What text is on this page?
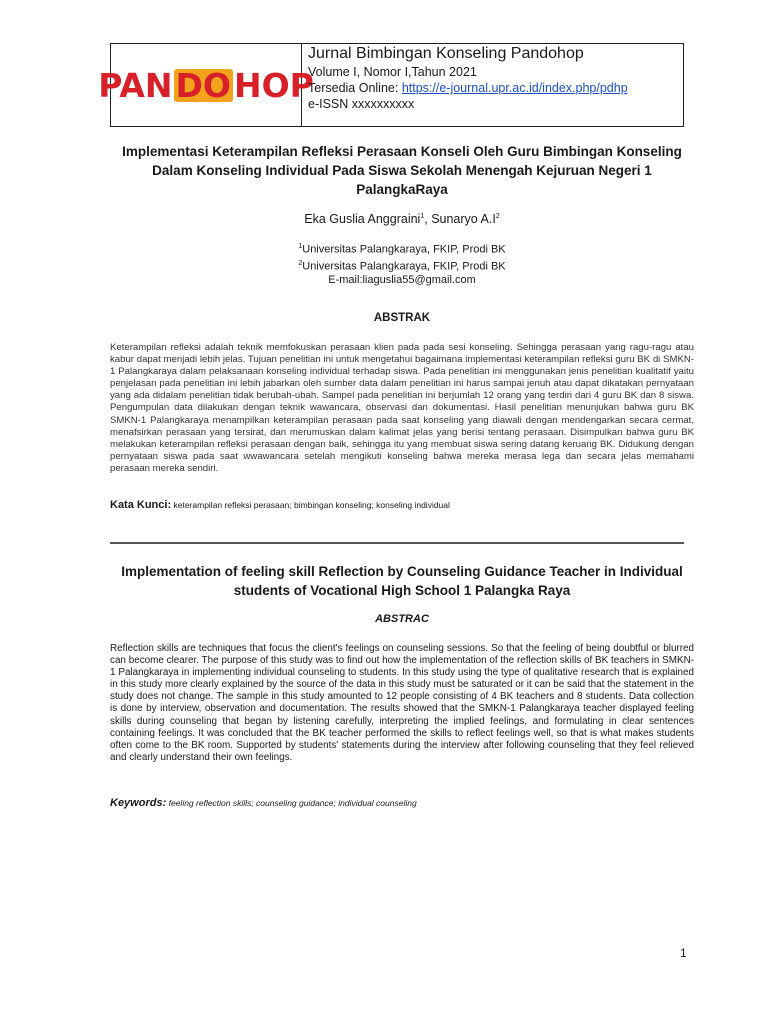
PAN DO HOP
Jurnal Bimbingan Konseling Pandohop
Volume I, Nomor I,Tahun 2021
Tersedia Online: https://e-journal.upr.ac.id/index.php/pdhp
e-ISSN xxxxxxxxxx
Implementasi Keterampilan Refleksi Perasaan Konseli Oleh Guru Bimbingan Konseling Dalam Konseling Individual Pada Siswa Sekolah Menengah Kejuruan Negeri 1 PalangkaRaya
Eka Guslia Anggraini$^1$, Sunaryo $A.I^2$
$^1$Universitas Palangkaraya, FKIP, Prodi BK
$^2$Universitas Palangkaraya, FKIP, Prodi BK
E-mail:liaguslia55@gmail.com
ABSTRAK
Keterampilan refleksi adalah teknik memfokuskan perasaan klien pada pada sesi konseling. Sehingga perasaan yang ragu-ragu atau kabur dapat menjadi lebih jelas. Tujuan penelitian ini untuk mengetahui bagaimana implementasi keterampilan refleksi guru BK di SMKN-1 Palangkaraya dalam pelaksanaan konseling individual terhadap siswa. Pada penelitian ini menggunakan jenis penelitian kualitatif yaitu penjelasan pada penelitian ini lebih jabarkan oleh sumber data dalam penelitian ini harus sampai jenuh atau dapat dikatakan pernyataan yang ada didalam penelitian tidak berubah-ubah. Sampel pada penelitian ini berjumlah 12 orang yang terdiri dari 4 guru BK dan 8 siswa. Pengumpulan data dilakukan dengan teknik wawancara, observasi dan dokumentasi. Hasil penelitian menunjukan bahwa guru BK SMKN-1 Palangkaraya menampilkan keterampilan perasaan pada saat konseling yang diawali dengan mendengarkan secara cermat, menafsirkan perasaan yang tersirat, dan merumuskan dalam kalimat jelas yang berisi tentang perasaan. Disimpulkan bahwa guru BK melakukan keterampilan refleksi perasaan dengan baik, sehingga itu yang membuat siswa sering datang keruang BK. Didukung dengan pernyataan siswa pada saat wwawancara setelah mengikuti konseling bahwa mereka merasa lega dan secara jelas memahami perasaan mereka sendiri.
Kata Kunci: keterampilan refleksi perasaan; bimbingan konseling; konseling individual
Implementation of feeling skill Reflection by Counseling Guidance Teacher in Individual students of Vocational High School 1 Palangka Raya
ABSTRAC
Reflection skills are techniques that focus the client's feelings on counseling sessions. So that the feeling of being doubtful or blurred can become clearer. The purpose of this study was to find out how the implementation of the reflection skills of BK teachers in SMKN-1 Palangkaraya in implementing individual counseling to students. In this study using the type of qualitative research that is explained in this study more clearly explained by the source of the data in this study must be saturated or it can be said that the statement in the study does not change. The sample in this study amounted to 12 people consisting of 4 BK teachers and 8 students. Data collection is done by interview, observation and documentation. The results showed that the SMKN-1 Palangkaraya teacher displayed feeling skills during counseling that began by listening carefully, interpreting the implied feelings, and formulating in clear sentences containing feelings. It was concluded that the BK teacher performed the skills to reflect feelings well, so that is what makes students often come to the BK room. Supported by students' statements during the interview after following counseling that they feel relieved and clearly understand their own feelings.
Keywords: feeling reflection skills; counseling guidance; individual counseling
1
